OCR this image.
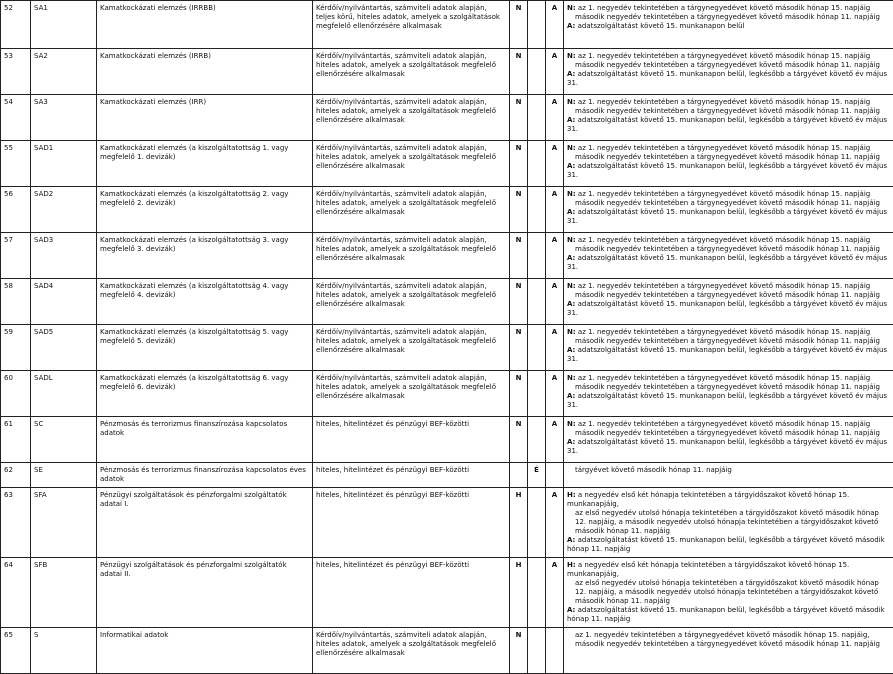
52	SA1	Kamatkockázati elemzés (IRRBB)	Kérdőív/nyilvántartás, számviteli adatok alapján, teljes körű, hiteles adatok, amelyek a szolgáltatások megfelelő ellenőrzésére alkalmasak	N		A	N: az 1. negyedév tekintetében a tárgynegyedévet követő második hónap 15. napjáig
második negyedév tekintetében a tárgynegyedévet követő második hónap 11. napjáig
A: adatszolgáltatást követő 15. munkanapon belül

53	SA2	Kamatkockázati elemzés (IRRB)	Kérdőív/nyilvántartás, számviteli adatok alapján, hiteles adatok, amelyek a szolgáltatások megfelelő ellenőrzésére alkalmasak	N		A	N: az 1. negyedév tekintetében a tárgynegyedévet követő második hónap 15. napjáig
második negyedév tekintetében a tárgynegyedévet követő második hónap 11. napjáig
A: adatszolgáltatást követő 15. munkanapon belül, legkésőbb a tárgyévet követő év május 31.

54	SA3	Kamatkockázati elemzés (IRR)	Kérdőív/nyilvántartás, számviteli adatok alapján, hiteles adatok, amelyek a szolgáltatások megfelelő ellenőrzésére alkalmasak	N		A	N: az 1. negyedév tekintetében a tárgynegyedévet követő második hónap 15. napjáig
második negyedév tekintetében a tárgynegyedévet követő második hónap 11. napjáig
A: adatszolgáltatást követő 15. munkanapon belül, legkésőbb a tárgyévet követő év május 31.

55	SAD1	Kamatkockázati elemzés (a kiszolgáltatottság 1. vagy megfelelő 1. devizák)	Kérdőív/nyilvántartás, számviteli adatok alapján, hiteles adatok, amelyek a szolgáltatások megfelelő ellenőrzésére alkalmasak	N		A	N: az 1. negyedév tekintetében a tárgynegyedévet követő második hónap 15. napjáig
második negyedév tekintetében a tárgynegyedévet követő második hónap 11. napjáig
A: adatszolgáltatást követő 15. munkanapon belül, legkésőbb a tárgyévet követő év május 31.

56	SAD2	Kamatkockázati elemzés (a kiszolgáltatottság 2. vagy megfelelő 2. devizák)	Kérdőív/nyilvántartás, számviteli adatok alapján, hiteles adatok, amelyek a szolgáltatások megfelelő ellenőrzésére alkalmasak	N		A	N: az 1. negyedév tekintetében a tárgynegyedévet követő második hónap 15. napjáig
második negyedév tekintetében a tárgynegyedévet követő második hónap 11. napjáig
A: adatszolgáltatást követő 15. munkanapon belül, legkésőbb a tárgyévet követő év május 31.

57	SAD3	Kamatkockázati elemzés (a kiszolgáltatottság 3. vagy megfelelő 3. devizák)	Kérdőív/nyilvántartás, számviteli adatok alapján, hiteles adatok, amelyek a szolgáltatások megfelelő ellenőrzésére alkalmasak	N		A	N: az 1. negyedév tekintetében a tárgynegyedévet követő második hónap 15. napjáig
második negyedév tekintetében a tárgynegyedévet követő második hónap 11. napjáig
A: adatszolgáltatást követő 15. munkanapon belül, legkésőbb a tárgyévet követő év május 31.

58	SAD4	Kamatkockázati elemzés (a kiszolgáltatottság 4. vagy megfelelő 4. devizák)	Kérdőív/nyilvántartás, számviteli adatok alapján, hiteles adatok, amelyek a szolgáltatások megfelelő ellenőrzésére alkalmasak	N		A	N: az 1. negyedév tekintetében a tárgynegyedévet követő második hónap 15. napjáig
második negyedév tekintetében a tárgynegyedévet követő második hónap 11. napjáig
A: adatszolgáltatást követő 15. munkanapon belül, legkésőbb a tárgyévet követő év május 31.

59	SAD5	Kamatkockázati elemzés (a kiszolgáltatottság 5. vagy megfelelő 5. devizák)	Kérdőív/nyilvántartás, számviteli adatok alapján, hiteles adatok, amelyek a szolgáltatások megfelelő ellenőrzésére alkalmasak	N		A	N: az 1. negyedév tekintetében a tárgynegyedévet követő második hónap 15. napjáig
második negyedév tekintetében a tárgynegyedévet követő második hónap 11. napjáig
A: adatszolgáltatást követő 15. munkanapon belül, legkésőbb a tárgyévet követő év május 31.

60	SADL	Kamatkockázati elemzés (a kiszolgáltatottság 6. vagy megfelelő 6. devizák)	Kérdőív/nyilvántartás, számviteli adatok alapján, hiteles adatok, amelyek a szolgáltatások megfelelő ellenőrzésére alkalmasak	N		A	N: az 1. negyedév tekintetében a tárgynegyedévet követő második hónap 15. napjáig
második negyedév tekintetében a tárgynegyedévet követő második hónap 11. napjáig
A: adatszolgáltatást követő 15. munkanapon belül, legkésőbb a tárgyévet követő év május 31.

61	SC	Pénzmosás és terrorizmus finanszírozása kapcsolatos adatok	hiteles, hitelintézet és pénzügyi BEF-közötti	N		A	N: az 1. negyedév tekintetében a tárgynegyedévet követő második hónap 15. napjáig
második negyedév tekintetében a tárgynegyedévet követő második hónap 11. napjáig
A: adatszolgáltatást követő 15. munkanapon belül, legkésőbb a tárgyévet követő év május 31.

62	SE	Pénzmosás és terrorizmus finanszírozása kapcsolatos éves adatok	hiteles, hitelintézet és pénzügyi BEF-közötti		É		tárgyévet követő második hónap 11. napjáig

63	SFA	Pénzügyi szolgáltatások és pénzforgalmi szolgáltatók adatai I.	hiteles, hitelintézet és pénzügyi BEF-közötti	H		A	H: a negyedév első két hónapja tekintetében a tárgyidőszakot követő hónap 15. munkanapjáig,
az első negyedév utolsó hónapja tekintetében a tárgyidőszakot követő második hónap 12. napjáig, a második negyedév utolsó hónapja tekintetében a tárgyidőszakot követő második hónap 11. napjáig
A: adatszolgáltatást követő 15. munkanapon belül, legkésőbb a tárgyévet követő második hónap 11. napjáig

64	SFB	Pénzügyi szolgáltatások és pénzforgalmi szolgáltatók adatai II.	hiteles, hitelintézet és pénzügyi BEF-közötti	H		A	H: a negyedév első két hónapja tekintetében a tárgyidőszakot követő hónap 15. munkanapjáig,
az első negyedév utolsó hónapja tekintetében a tárgyidőszakot követő második hónap 12. napjáig, a második negyedév utolsó hónapja tekintetében a tárgyidőszakot követő második hónap 11. napjáig
A: adatszolgáltatást követő 15. munkanapon belül, legkésőbb a tárgyévet követő második hónap 11. napjáig

65	S	Informatikai adatok	Kérdőív/nyilvántartás, számviteli adatok alapján, hiteles adatok, amelyek a szolgáltatások megfelelő ellenőrzésére alkalmasak	N			az 1. negyedév tekintetében a tárgynegyedévet követő második hónap 15. napjáig,
második negyedév tekintetében a tárgynegyedévet követő második hónap 11. napjáig
